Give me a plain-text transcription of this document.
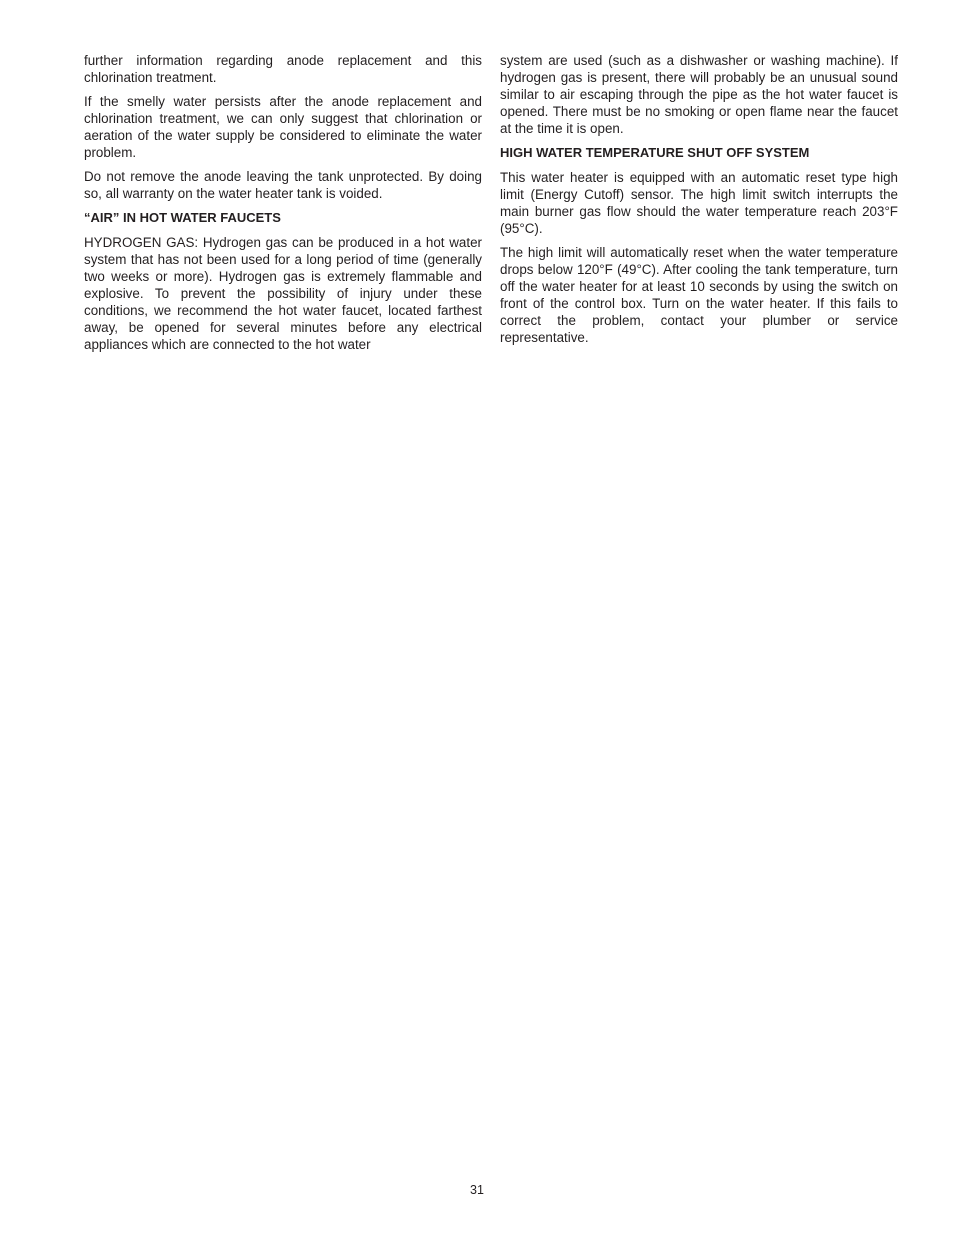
further information regarding anode replacement and this chlorination treatment.

If the smelly water persists after the anode replacement and chlorination treatment, we can only suggest that chlorination or aeration of the water supply be considered to eliminate the water problem.

Do not remove the anode leaving the tank unprotected. By doing so, all warranty on the water heater tank is voided.

“AIR” IN HOT WATER FAUCETS

HYDROGEN GAS: Hydrogen gas can be produced in a hot water system that has not been used for a long period of time (generally two weeks or more). Hydrogen gas is extremely flammable and explosive. To prevent the possibility of injury under these conditions, we recommend the hot water faucet, located farthest away, be opened for several minutes before any electrical appliances which are connected to the hot water

system are used (such as a dishwasher or washing machine). If hydrogen gas is present, there will probably be an unusual sound similar to air escaping through the pipe as the hot water faucet is opened. There must be no smoking or open flame near the faucet at the time it is open.

HIGH WATER TEMPERATURE SHUT OFF SYSTEM

This water heater is equipped with an automatic reset type high limit (Energy Cutoff) sensor. The high limit switch interrupts the main burner gas flow should the water temperature reach 203°F (95°C).

The high limit will automatically reset when the water temperature drops below 120°F (49°C). After cooling the tank temperature, turn off the water heater for at least 10 seconds by using the switch on front of the control box. Turn on the water heater. If this fails to correct the problem, contact your plumber or service representative.

31
